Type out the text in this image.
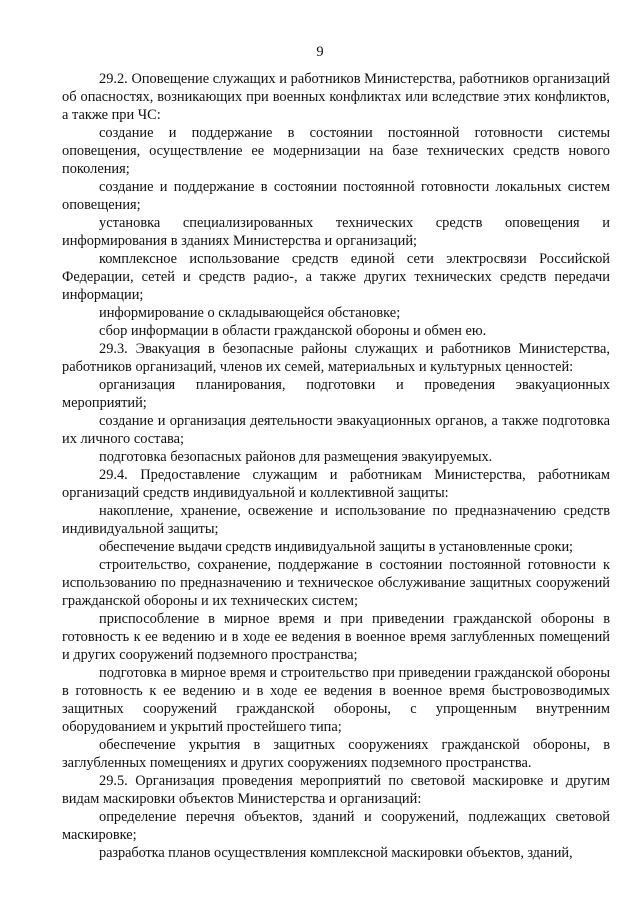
9

29.2. Оповещение служащих и работников Министерства, работников организаций об опасностях, возникающих при военных конфликтах или вследствие этих конфликтов, а также при ЧС:

создание и поддержание в состоянии постоянной готовности системы оповещения, осуществление ее модернизации на базе технических средств нового поколения;

создание и поддержание в состоянии постоянной готовности локальных систем оповещения;

установка специализированных технических средств оповещения и информирования в зданиях Министерства и организаций;

комплексное использование средств единой сети электросвязи Российской Федерации, сетей и средств радио-, а также других технических средств передачи информации;

информирование о складывающейся обстановке;

сбор информации в области гражданской обороны и обмен ею.

29.3. Эвакуация в безопасные районы служащих и работников Министерства, работников организаций, членов их семей, материальных и культурных ценностей:

организация планирования, подготовки и проведения эвакуационных мероприятий;

создание и организация деятельности эвакуационных органов, а также подготовка их личного состава;

подготовка безопасных районов для размещения эвакуируемых.

29.4. Предоставление служащим и работникам Министерства, работникам организаций средств индивидуальной и коллективной защиты:

накопление, хранение, освежение и использование по предназначению средств индивидуальной защиты;

обеспечение выдачи средств индивидуальной защиты в установленные сроки;

строительство, сохранение, поддержание в состоянии постоянной готовности к использованию по предназначению и техническое обслуживание защитных сооружений гражданской обороны и их технических систем;

приспособление в мирное время и при приведении гражданской обороны в готовность к ее ведению и в ходе ее ведения в военное время заглубленных помещений и других сооружений подземного пространства;

подготовка в мирное время и строительство при приведении гражданской обороны в готовность к ее ведению и в ходе ее ведения в военное время быстровозводимых защитных сооружений гражданской обороны, с упрощенным внутренним оборудованием и укрытий простейшего типа;

обеспечение укрытия в защитных сооружениях гражданской обороны, в заглубленных помещениях и других сооружениях подземного пространства.

29.5. Организация проведения мероприятий по световой маскировке и другим видам маскировки объектов Министерства и организаций:

определение перечня объектов, зданий и сооружений, подлежащих световой маскировке;

разработка планов осуществления комплексной маскировки объектов, зданий,
